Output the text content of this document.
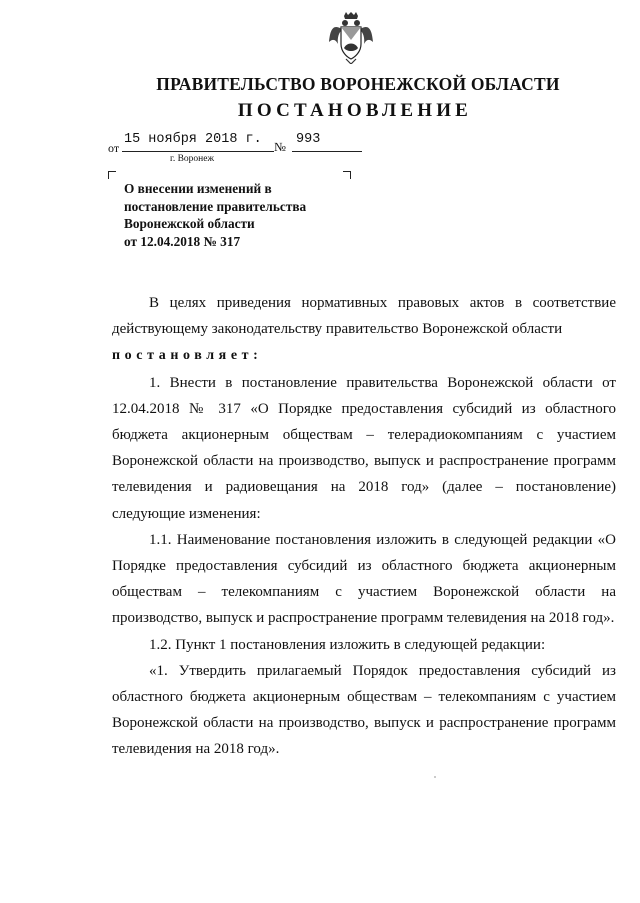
ПРАВИТЕЛЬСТВО ВОРОНЕЖСКОЙ ОБЛАСТИ
ПОСТАНОВЛЕНИЕ
от
15 ноября 2018 г. № 993
г. Воронеж
О внесении изменений в
постановление правительства
Воронежской области
от 12.04.2018 № 317

В целях приведения нормативных правовых актов в соответствие

действующему законодательству правительство Воронежской области

постановляет:

1. Внести в постановление правительства Воронежской области от 12.04.2018 № 317 «О Порядке предоставления субсидий из областного бюджета акционерным обществам – телерадиокомпаниям с участием Воронежской области на производство, выпуск и распространение программ телевидения и радиовещания на 2018 год» (далее – постановление) следующие изменения:

1.1. Наименование постановления изложить в следующей редакции «О Порядке предоставления субсидий из областного бюджета акционерным обществам – телекомпаниям с участием Воронежской области на производство, выпуск и распространение программ телевидения на 2018 год».

1.2. Пункт 1 постановления изложить в следующей редакции:

«1. Утвердить прилагаемый Порядок предоставления субсидий из областного бюджета акционерным обществам – телекомпаниям с участием Воронежской области на производство, выпуск и распространение программ телевидения на 2018 год».
